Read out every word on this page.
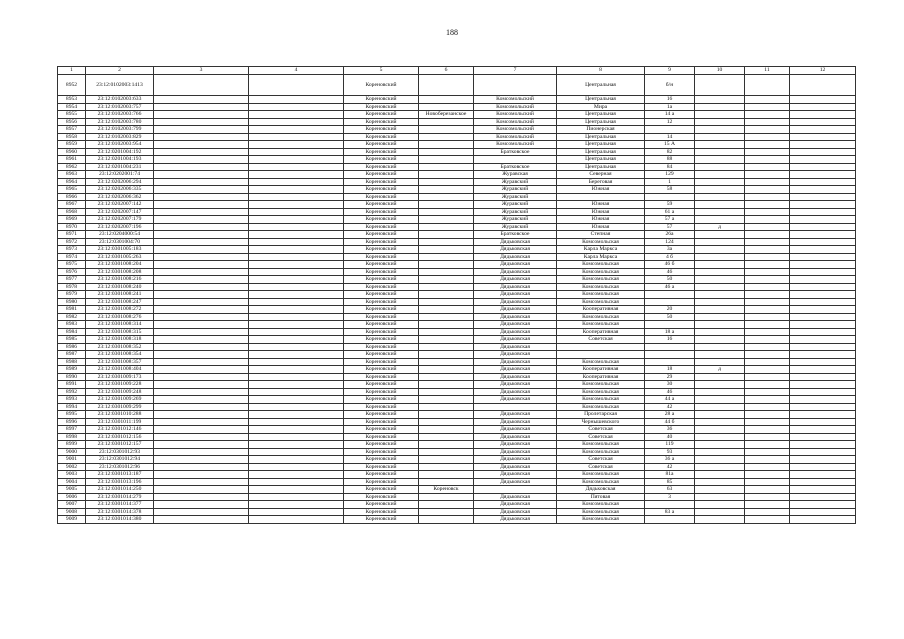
188
1	2	3	4	5	6	7	8	9	10	11	12
8952	23:12:0102003:1413			Кореновский			Центральная	б/н			
8953	23:12:0102003:633			Кореновский		Комсомольский	Центральная	16			
8954	23:12:0102003:757			Кореновский		Комсомольский	Мира	1а			
8955	23:12:0102003:766			Кореновский	Новоберезанское	Комсомольский	Центральная	14 а			
8956	23:12:0102003:780			Кореновский		Комсомольский	Центральная	12			
8957	23:12:0102003:799			Кореновский		Комсомольский	Пионерская				
8958	23:12:0102003:829			Кореновский		Комсомольский	Центральная	14			
8959	23:12:0102003:954			Кореновский		Комсомольский	Центральная	15 А			
8960	23:12:0201004:192			Кореновский		Братковское	Центральная	82			
8961	23:12:0201004:193			Кореновский			Центральная	88			
8962	23:12:0201004:231			Кореновский		Братковское	Центральная	84			
8963	23:12:0202001:74			Кореновский		Журавская	Северная	129			
8964	23:12:0202006:294			Кореновский		Журавский	Береговая	1			
8965	23:12:0202006:335			Кореновский		Журавский	Южная	58			
8966	23:12:0202006:362			Кореновский		Журавский					
8967	23:12:0202007:142			Кореновский		Журавский	Южная	59			
8968	23:12:0202007:147			Кореновский		Журавский	Южная	61 а			
8969	23:12:0202007:179			Кореновский		Журавский	Южная	57 а			
8970	23:12:0202007:196			Кореновский		Журавский	Южная	57	д		
8971	23:12:0204000:54			Кореновский		Братковское	Степная	26а			
8972	23:12:0301004:70			Кореновский		Дядьковская	Комсомольская	124			
8973	23:12:0301005:183			Кореновский		Дядьковская	Карла Маркса	3а			
8974	23:12:0301005:263			Кореновский		Дядьковская	Карла Маркса	4 б			
8975	23:12:0301008:204			Кореновский		Дядьковская	Комсомольская	46 б			
8976	23:12:0301008:208			Кореновский		Дядьковская	Комсомольская	46			
8977	23:12:0301008:216			Кореновский		Дядьковская	Комсомольская	50			
8978	23:12:0301008:240			Кореновский		Дядьковская	Комсомольская	46 а			
8979	23:12:0301008:241			Кореновский		Дядьковская	Комсомольская				
8980	23:12:0301008:247			Кореновский		Дядьковская	Комсомольская				
8981	23:12:0301008:272			Кореновский		Дядьковская	Кооперативная	20			
8982	23:12:0301008:276			Кореновский		Дядьковская	Комсомольская	50			
8983	23:12:0301008:314			Кореновский		Дядьковская	Комсомольская				
8984	23:12:0301008:315			Кореновский		Дядьковская	Кооперативная	18 а			
8985	23:12:0301008:318			Кореновский		Дядьковская	Советская	16			
8986	23:12:0301008:352			Кореновский		Дядьковская					
8987	23:12:0301008:354			Кореновский		Дядьковская					
8988	23:12:0301008:357			Кореновский		Дядьковская	Комсомольская				
8989	23:12:0301008:404			Кореновский		Дядьковская	Кооперативная	18	д		
8990	23:12:0301009:173			Кореновский		Дядьковская	Кооперативная	29			
8991	23:12:0301009:228			Кореновский		Дядьковская	Комсомольская	30			
8992	23:12:0301009:248			Кореновский		Дядьковская	Комсомольская	46			
8993	23:12:0301009:269			Кореновский		Дядьковская	Комсомольская	44 а			
8994	23:12:0301009:299			Кореновский			Комсомольская	42			
8995	23:12:0301010:288			Кореновский		Дядьковская	Пролетарская	28 а			
8996	23:12:0301011:199			Кореновский		Дядьковская	Чернышевского	44 б			
8997	23:12:0301012:146			Кореновский		Дядьковская	Советская	36			
8998	23:12:0301012:156			Кореновский		Дядьковская	Советская	40			
8999	23:12:0301012:157			Кореновский		Дядьковская	Комсомольская	119			
9000	23:12:0301012:93			Кореновский		Дядьковская	Комсомольская	93			
9001	23:12:0301012:94			Кореновский		Дядьковская	Советская	36 а			
9002	23:12:0301012:96			Кореновский		Дядьковская	Советская	42			
9003	23:12:0301013:187			Кореновский		Дядьковская	Комсомольская	81а			
9004	23:12:0301013:196			Кореновский		Дядьковская	Комсомольская	85			
9005	23:12:0301014:250			Кореновский	Кореновск		Дядьковская	63			
9006	23:12:0301014:279			Кореновский		Дядьковская	Пятовая	3			
9007	23:12:0301014:377			Кореновский		Дядьковская	Комсомольская				
9008	23:12:0301014:378			Кореновский		Дядьковская	Комсомольская	83 а			
9009	23:12:0301014:380			Кореновский		Дядьковская	Комсомольская				
